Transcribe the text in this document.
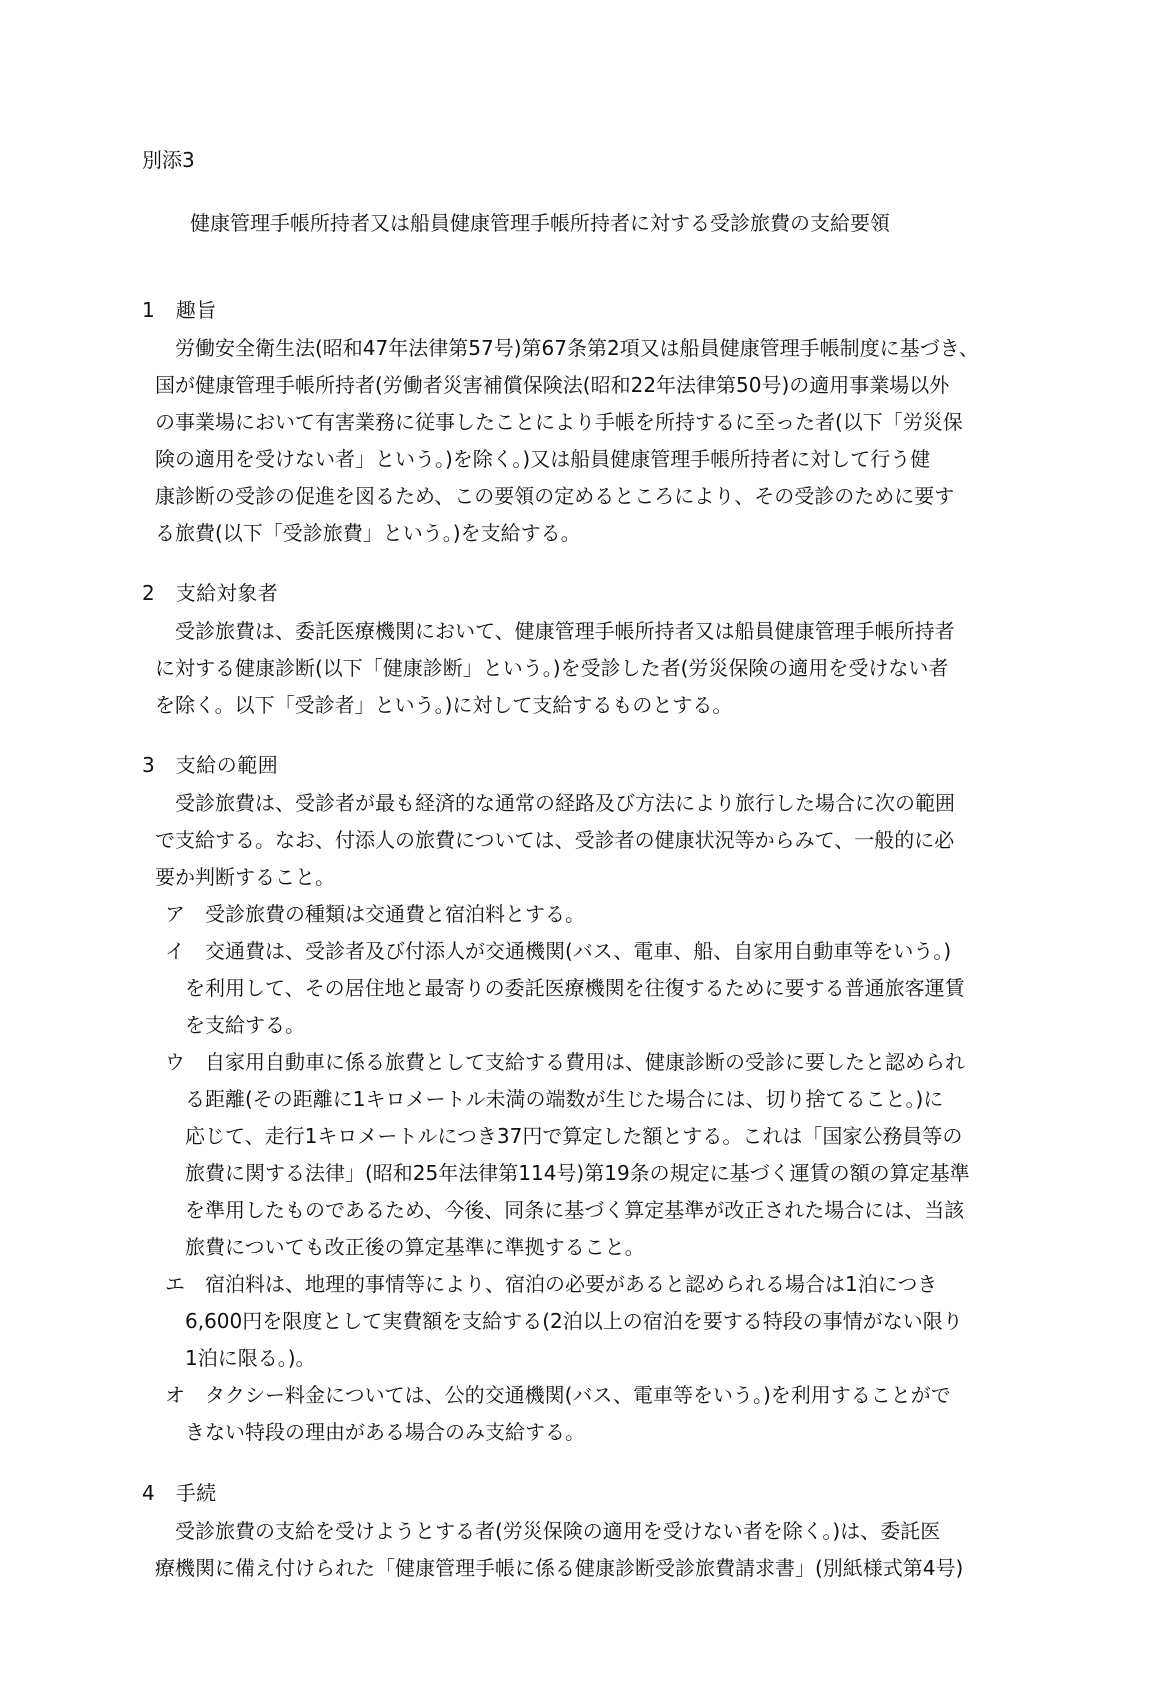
別添3
健康管理手帳所持者又は船員健康管理手帳所持者に対する受診旅費の支給要領
1　趣旨
　労働安全衛生法(昭和47年法律第57号)第67条第2項又は船員健康管理手帳制度に基づき、
国が健康管理手帳所持者(労働者災害補償保険法(昭和22年法律第50号)の適用事業場以外
の事業場において有害業務に従事したことにより手帳を所持するに至った者(以下「労災保
険の適用を受けない者」という。)を除く。)又は船員健康管理手帳所持者に対して行う健
康診断の受診の促進を図るため、この要領の定めるところにより、その受診のために要す
る旅費(以下「受診旅費」という。)を支給する。
2　支給対象者
　受診旅費は、委託医療機関において、健康管理手帳所持者又は船員健康管理手帳所持者
に対する健康診断(以下「健康診断」という。)を受診した者(労災保険の適用を受けない者
を除く。以下「受診者」という。)に対して支給するものとする。
3　支給の範囲
　受診旅費は、受診者が最も経済的な通常の経路及び方法により旅行した場合に次の範囲
で支給する。なお、付添人の旅費については、受診者の健康状況等からみて、一般的に必
要か判断すること。
ア　受診旅費の種類は交通費と宿泊料とする。
イ　交通費は、受診者及び付添人が交通機関(バス、電車、船、自家用自動車等をいう。)
　を利用して、その居住地と最寄りの委託医療機関を往復するために要する普通旅客運賃
　を支給する。
ウ　自家用自動車に係る旅費として支給する費用は、健康診断の受診に要したと認められ
　る距離(その距離に1キロメートル未満の端数が生じた場合には、切り捨てること。)に
　応じて、走行1キロメートルにつき37円で算定した額とする。これは「国家公務員等の
　旅費に関する法律」(昭和25年法律第114号)第19条の規定に基づく運賃の額の算定基準
　を準用したものであるため、今後、同条に基づく算定基準が改正された場合には、当該
　旅費についても改正後の算定基準に準拠すること。
エ　宿泊料は、地理的事情等により、宿泊の必要があると認められる場合は1泊につき
　6,600円を限度として実費額を支給する(2泊以上の宿泊を要する特段の事情がない限り
　1泊に限る。)。
オ　タクシー料金については、公的交通機関(バス、電車等をいう。)を利用することがで
　きない特段の理由がある場合のみ支給する。
4　手続
　受診旅費の支給を受けようとする者(労災保険の適用を受けない者を除く。)は、委託医
療機関に備え付けられた「健康管理手帳に係る健康診断受診旅費請求書」(別紙様式第4号)
